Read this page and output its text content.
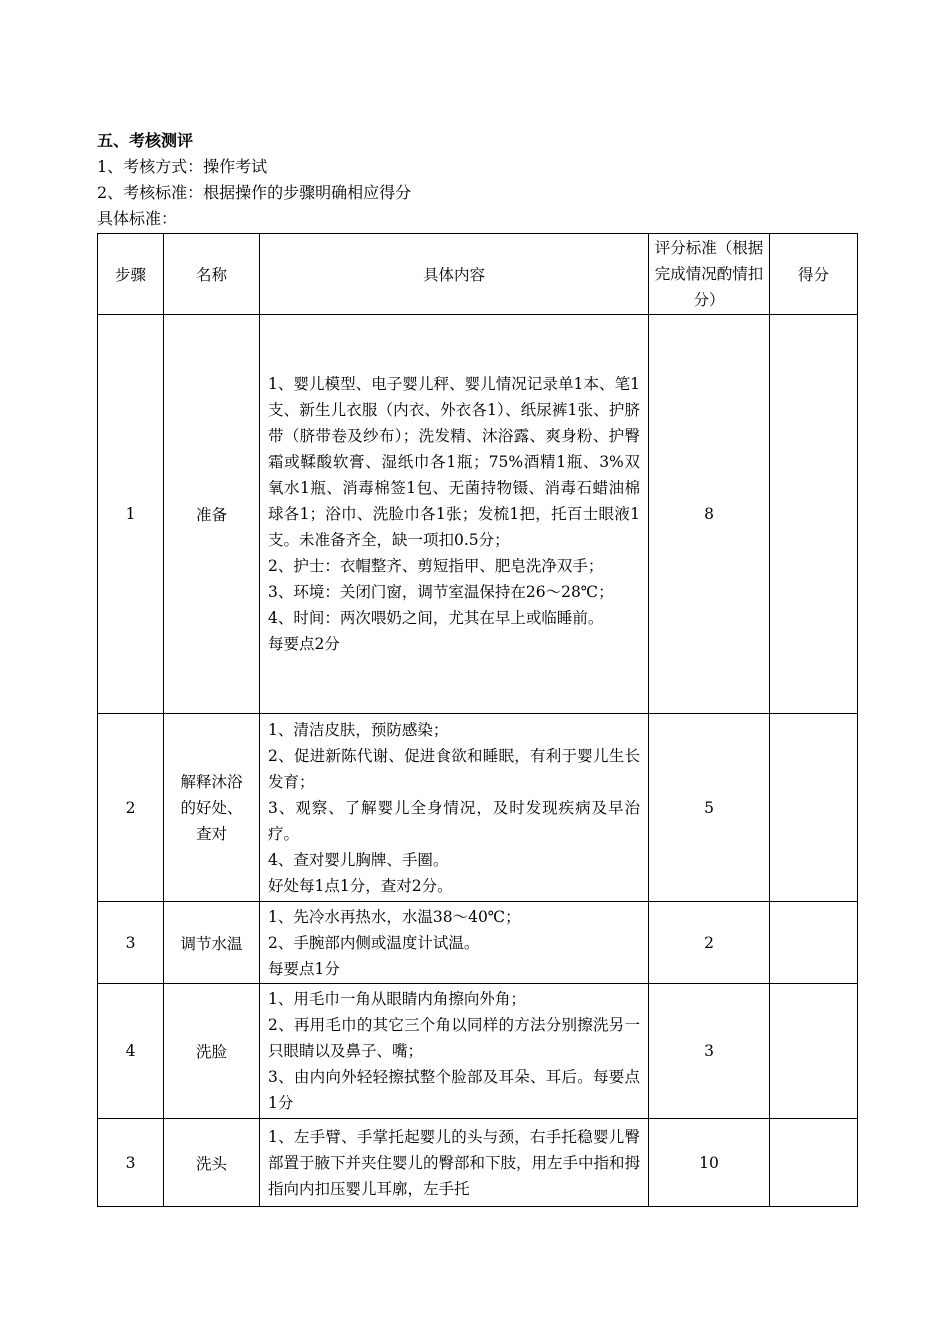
五、考核测评
1、考核方式：操作考试
2、考核标准：根据操作的步骤明确相应得分
具体标准：
步骤	名称	具体内容	评分标准（根据完成情况酌情扣分）	得分
1	准备	1、婴儿模型、电子婴儿秤、婴儿情况记录单1本、笔1支、新生儿衣服（内衣、外衣各1）、纸尿裤1张、护脐带（脐带卷及纱布）；洗发精、沐浴露、爽身粉、护臀霜或鞣酸软膏、湿纸巾各1瓶；75%酒精1瓶、3%双氧水1瓶、消毒棉签1包、无菌持物镊、消毒石蜡油棉球各1；浴巾、洗脸巾各1张；发梳1把，托百士眼液1支。未准备齐全，缺一项扣0.5分；
2、护士：衣帽整齐、剪短指甲、肥皂洗净双手；
3、环境：关闭门窗，调节室温保持在26～28℃；
4、时间：两次喂奶之间，尤其在早上或临睡前。
每要点2分	8	
2	解释沐浴的好处、查对	1、清洁皮肤，预防感染；
2、促进新陈代谢、促进食欲和睡眠，有利于婴儿生长发育；
3、观察、了解婴儿全身情况，及时发现疾病及早治疗。
4、查对婴儿胸牌、手圈。
好处每1点1分，查对2分。	5	
3	调节水温	1、先冷水再热水，水温38～40℃；
2、手腕部内侧或温度计试温。
每要点1分	2	
4	洗脸	1、用毛巾一角从眼睛内角擦向外角；
2、再用毛巾的其它三个角以同样的方法分别擦洗另一只眼睛以及鼻子、嘴；
3、由内向外轻轻擦拭整个脸部及耳朵、耳后。每要点1分	3	
3	洗头	1、左手臂、手掌托起婴儿的头与颈，右手托稳婴儿臀部置于腋下并夹住婴儿的臀部和下肢，用左手中指和拇指向内扣压婴儿耳廓，左手托	10	
